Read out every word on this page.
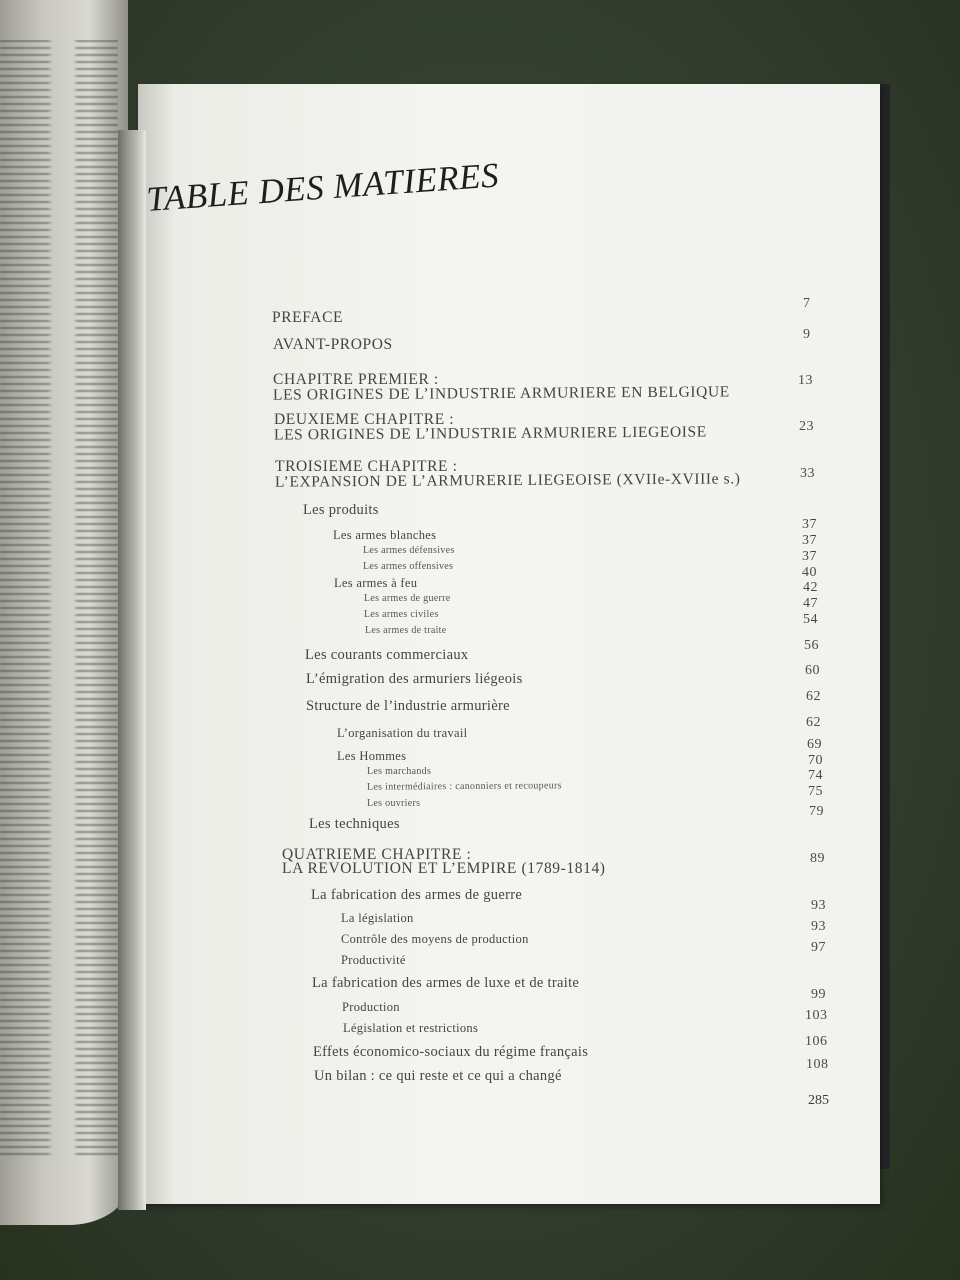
TABLE DES MATIERES
PREFACE
AVANT-PROPOS
CHAPITRE PREMIER :
LES ORIGINES DE L’INDUSTRIE ARMURIERE EN BELGIQUE
DEUXIEME CHAPITRE :
LES ORIGINES DE L’INDUSTRIE ARMURIERE LIEGEOISE
TROISIEME CHAPITRE :
L’EXPANSION DE L’ARMURERIE LIEGEOISE (XVIIe-XVIIIe s.)
Les produits
Les armes blanches
Les armes défensives
Les armes offensives
Les armes à feu
Les armes de guerre
Les armes civiles
Les armes de traite
Les courants commerciaux
L’émigration des armuriers liégeois
Structure de l’industrie armurière
L’organisation du travail
Les Hommes
Les marchands
Les intermédiaires : canonniers et recoupeurs
Les ouvriers
Les techniques
QUATRIEME CHAPITRE :
LA REVOLUTION ET L’EMPIRE (1789-1814)
La fabrication des armes de guerre
La législation
Contrôle des moyens de production
Productivité
La fabrication des armes de luxe et de traite
Production
Législation et restrictions
Effets économico-sociaux du régime français
Un bilan : ce qui reste et ce qui a changé
7
9
13
23
33
37
37
37
40
42
47
54
56
60
62
62
69
70
74
75
79
89
93
93
97
99
103
106
108
285
